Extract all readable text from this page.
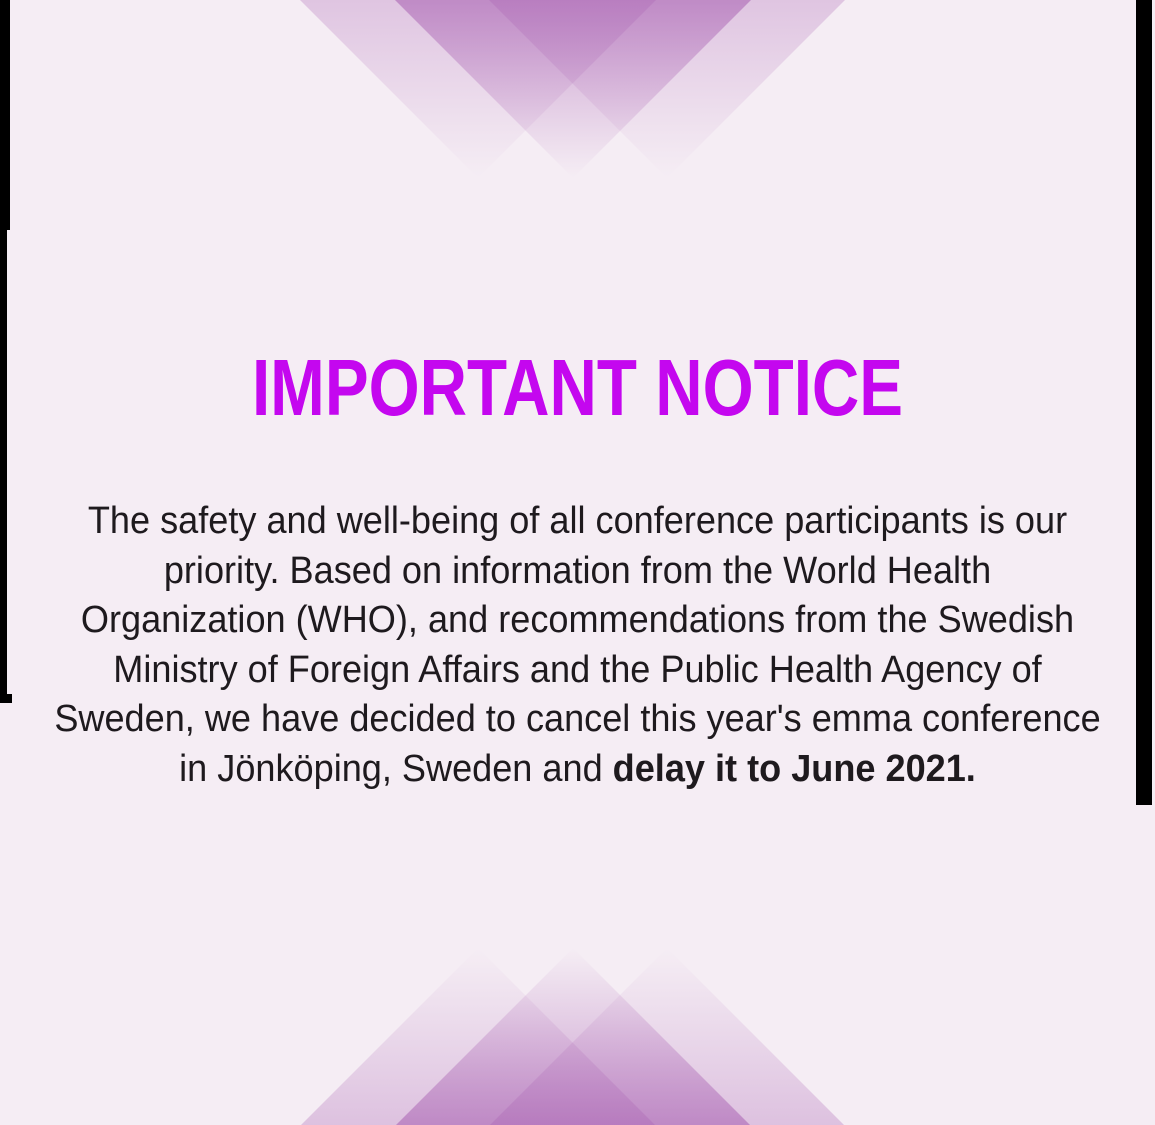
IMPORTANT NOTICE
The safety and well-being of all conference participants is our
priority. Based on information from the World Health
Organization (WHO), and recommendations from the Swedish
Ministry of Foreign Affairs and the Public Health Agency of
Sweden, we have decided to cancel this year's emma conference
in Jönköping, Sweden and delay it to June 2021.
